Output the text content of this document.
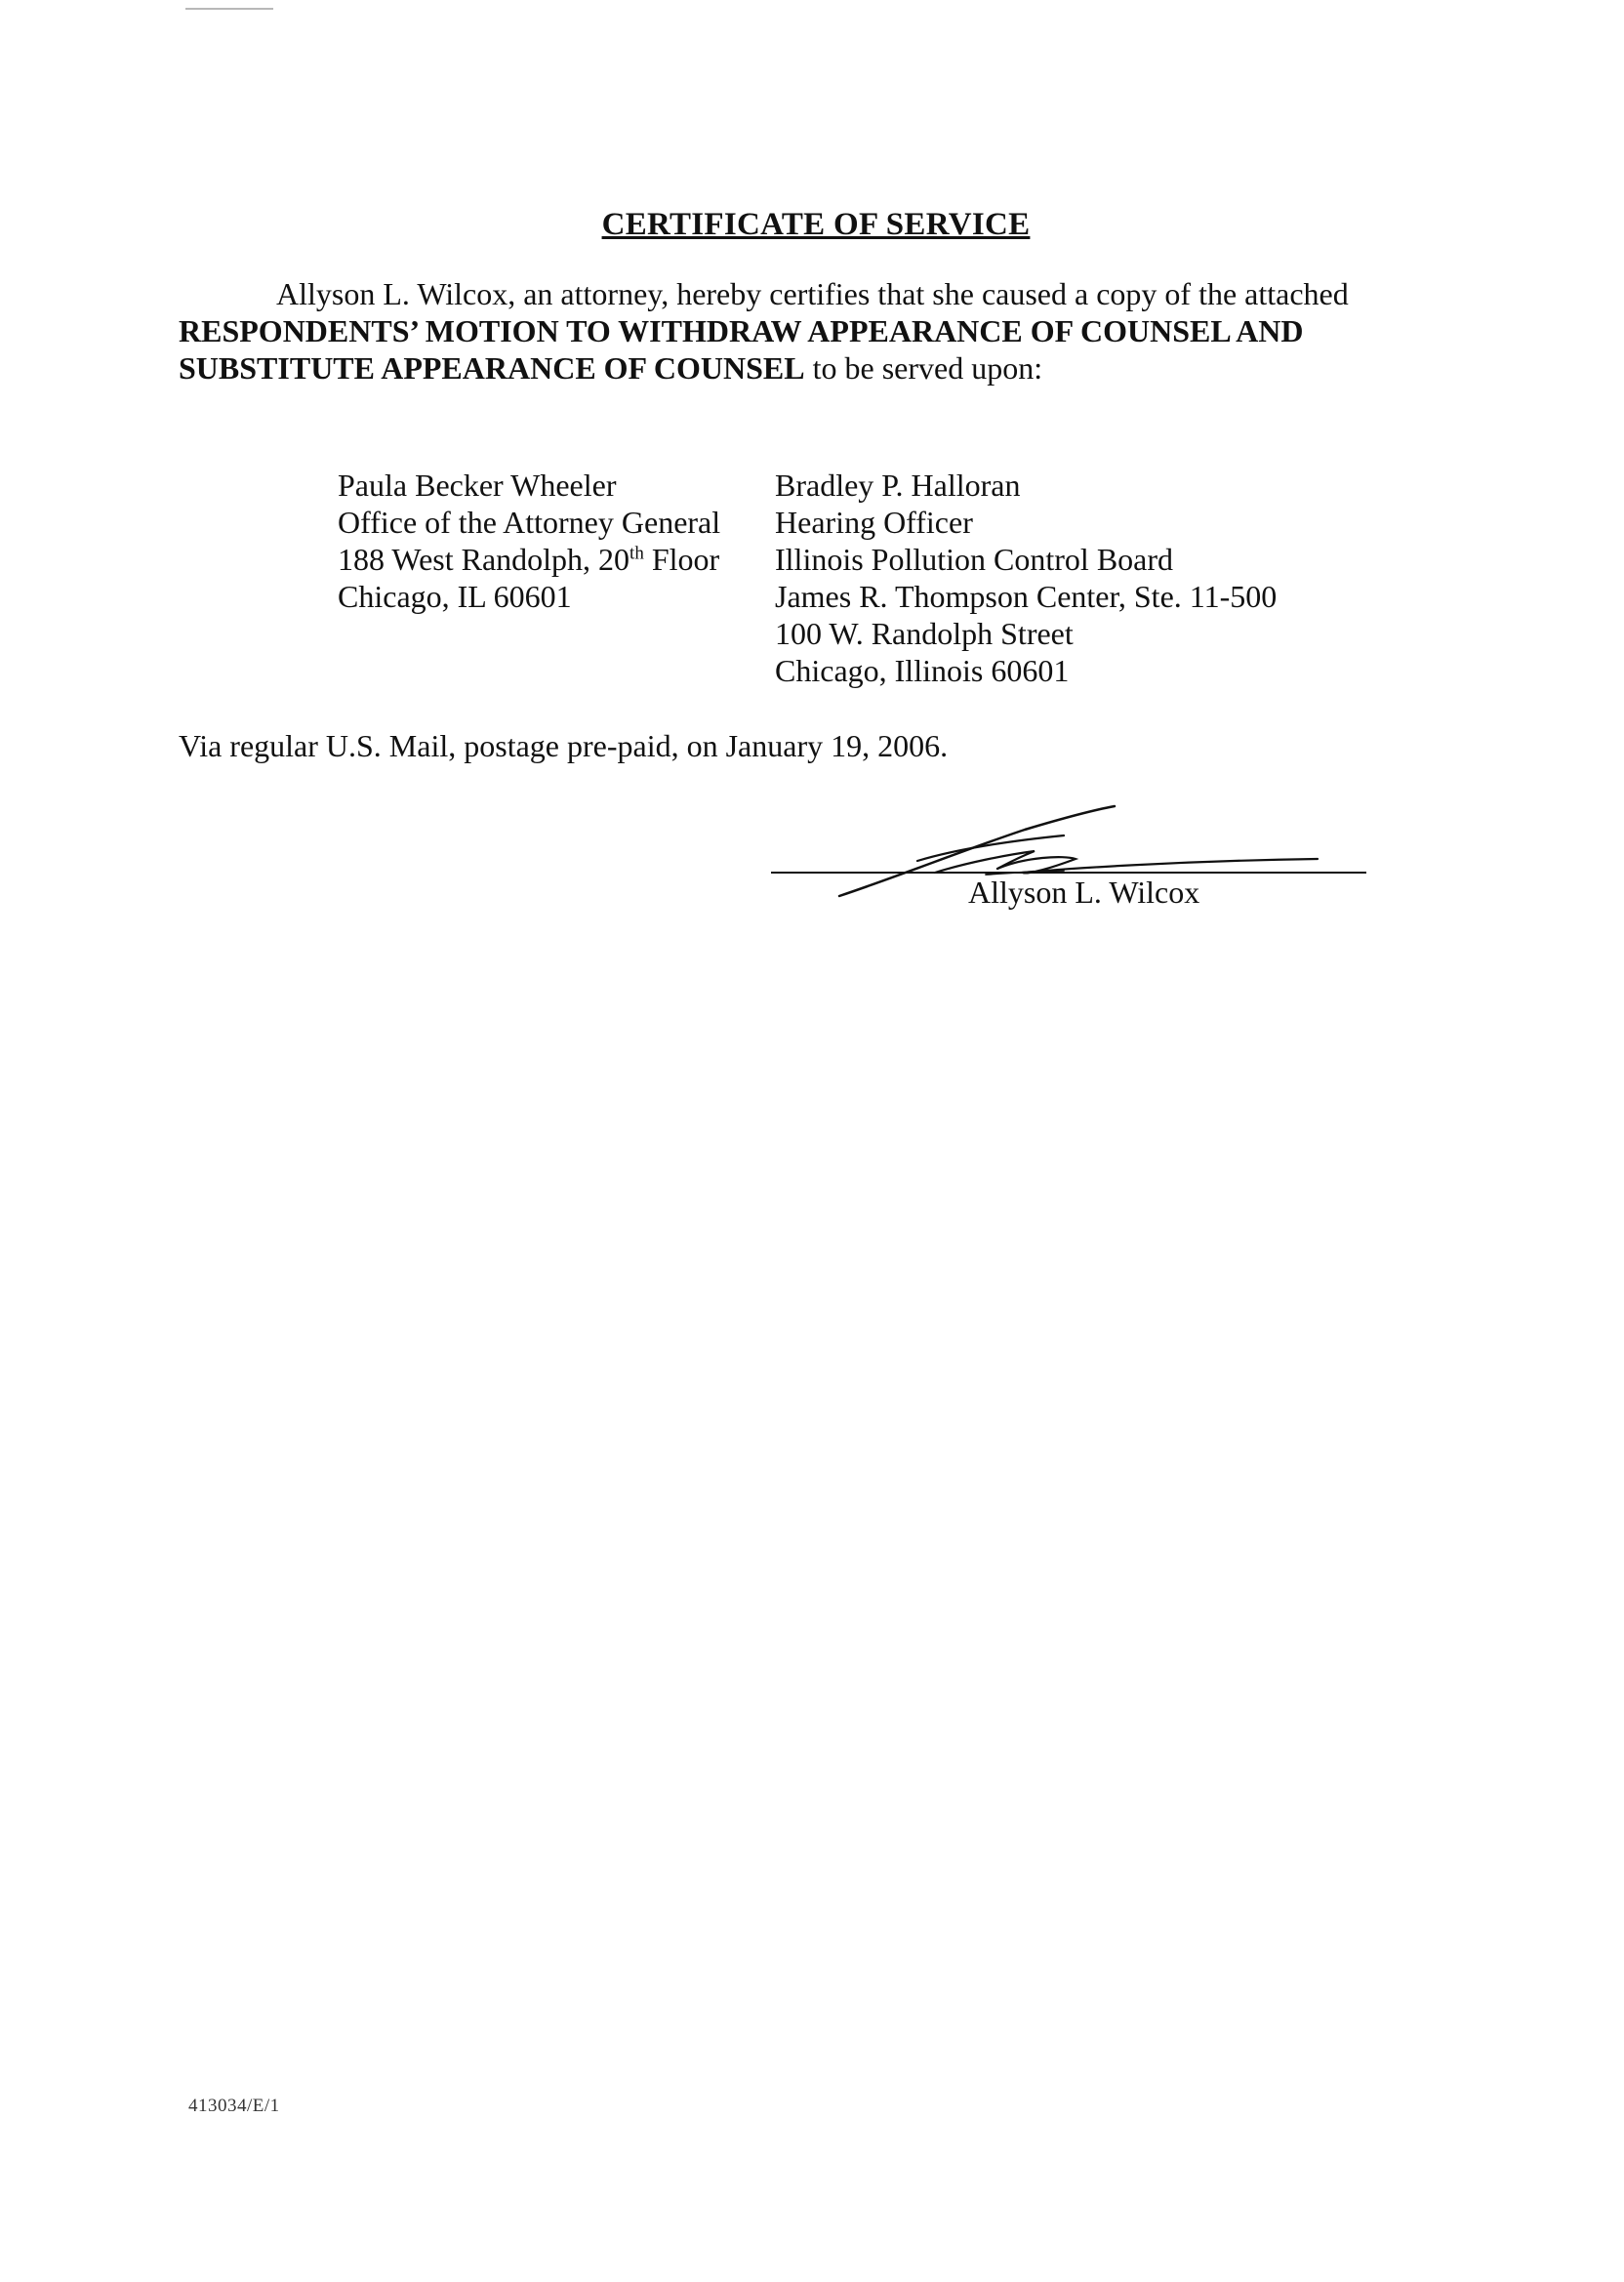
CERTIFICATE OF SERVICE
Allyson L. Wilcox, an attorney, hereby certifies that she caused a copy of the attached RESPONDENTS’ MOTION TO WITHDRAW APPEARANCE OF COUNSEL AND SUBSTITUTE APPEARANCE OF COUNSEL to be served upon:
Paula Becker Wheeler
Office of the Attorney General
188 West Randolph, 20th Floor
Chicago, IL 60601
Bradley P. Halloran
Hearing Officer
Illinois Pollution Control Board
James R. Thompson Center, Ste. 11-500
100 W. Randolph Street
Chicago, Illinois 60601
Via regular U.S. Mail, postage pre-paid, on January 19, 2006.
Allyson L. Wilcox
413034/E/1
